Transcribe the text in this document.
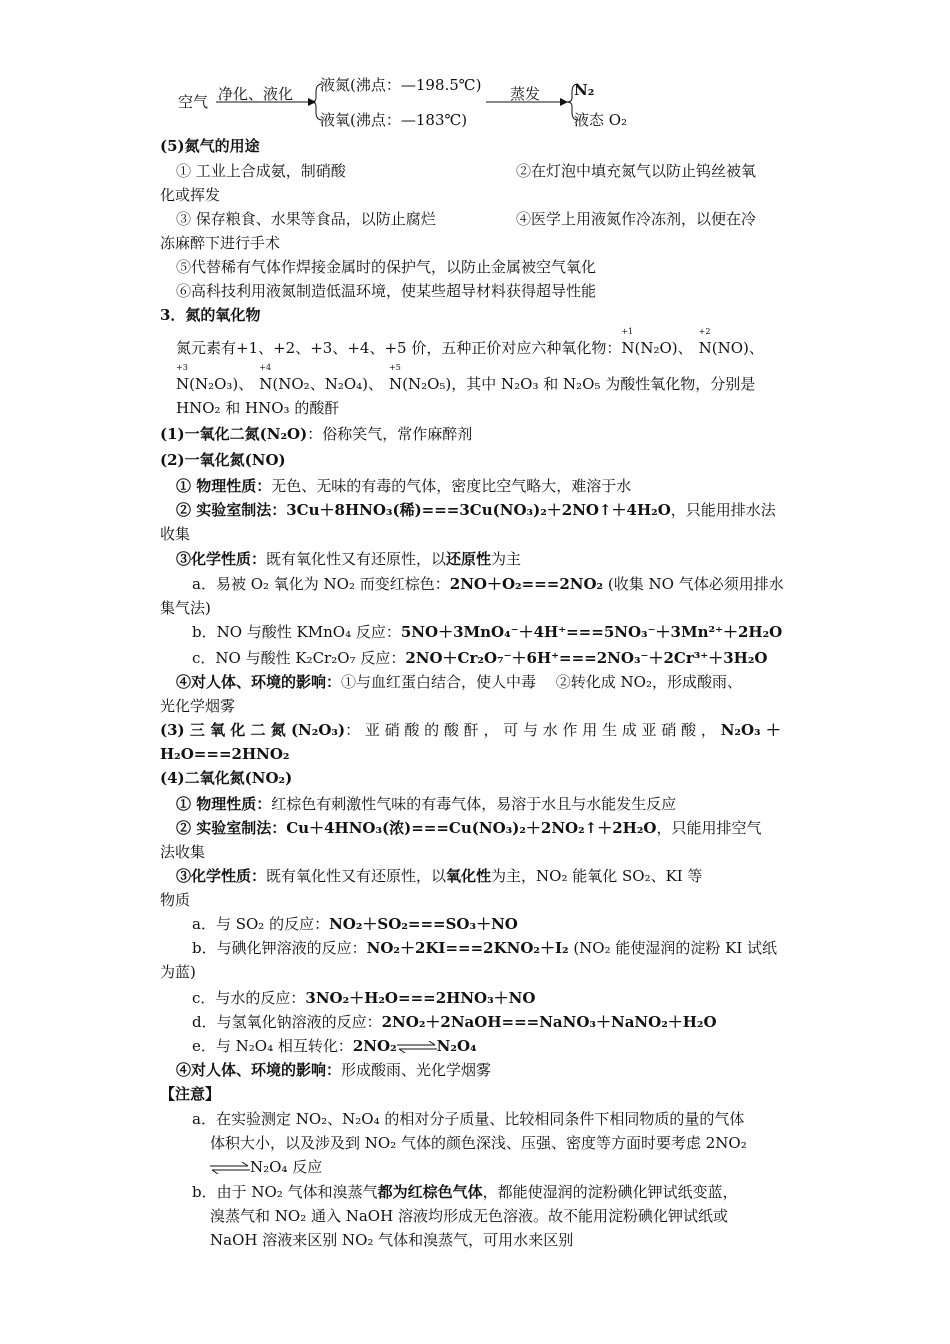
空气 净化、液化 液氮(沸点：—198.5℃)
液氧(沸点：—183℃)
蒸发 N₂
液态 O₂
(5)氮气的用途
① 工业上合成氨，制硝酸	②在灯泡中填充氮气以防止钨丝被氧
化或挥发
③ 保存粮食、水果等食品，以防止腐烂	④医学上用液氮作冷冻剂，以便在冷
冻麻醉下进行手术
⑤代替稀有气体作焊接金属时的保护气，以防止金属被空气氧化
⑥高科技利用液氮制造低温环境，使某些超导材料获得超导性能
3．氮的氧化物
氮元素有+1、+2、+3、+4、+5 价，五种正价对应六种氧化物：
+1
N(N₂O)、
+2
N(NO)、
+3
N(N₂O₃)、
+4
N(NO₂、N₂O₄)、
+5
N(N₂O₅)，其中 N₂O₃ 和 N₂O₅ 为酸性氧化物，分别是
HNO₂ 和 HNO₃ 的酸酐
(1)一氧化二氮(N₂O)：俗称笑气，常作麻醉剂
(2)一氧化氮(NO)
① 物理性质：无色、无味的有毒的气体，密度比空气略大，难溶于水
② 实验室制法：3Cu＋8HNO₃(稀)===3Cu(NO₃)₂＋2NO↑＋4H₂O，只能用排水法
收集
③化学性质：既有氧化性又有还原性，以还原性为主
a．易被 O₂ 氧化为 NO₂ 而变红棕色：2NO＋O₂===2NO₂ (收集 NO 气体必须用排水
集气法)
b．NO 与酸性 KMnO₄ 反应：5NO＋3MnO₄⁻＋4H⁺===5NO₃⁻＋3Mn²⁺＋2H₂O
c．NO 与酸性 K₂Cr₂O₇ 反应：2NO＋Cr₂O₇⁻＋6H⁺===2NO₃⁻＋2Cr³⁺＋3H₂O
④对人体、环境的影响：①与血红蛋白结合，使人中毒　 ②转化成 NO₂，形成酸雨、
光化学烟雾
(3) 三 氧 化 二 氮 (N₂O₃)： 亚 硝 酸 的 酸 酐 ， 可 与 水 作 用 生 成 亚 硝 酸 ， N₂O₃ ＋
H₂O===2HNO₂
(4)二氧化氮(NO₂)
① 物理性质：红棕色有刺激性气味的有毒气体，易溶于水且与水能发生反应
② 实验室制法：Cu＋4HNO₃(浓)===Cu(NO₃)₂＋2NO₂↑＋2H₂O，只能用排空气
法收集
③化学性质：既有氧化性又有还原性，以氧化性为主，NO₂ 能氧化 SO₂、KI 等
物质
a．与 SO₂ 的反应：NO₂＋SO₂===SO₃＋NO
b．与碘化钾溶液的反应：NO₂＋2KI===2KNO₂＋I₂ (NO₂ 能使湿润的淀粉 KI 试纸
为蓝)
c．与水的反应：3NO₂＋H₂O===2HNO₃＋NO
d．与氢氧化钠溶液的反应：2NO₂＋2NaOH===NaNO₃＋NaNO₂＋H₂O
e．与 N₂O₄ 相互转化：2NO₂⇌N₂O₄
④对人体、环境的影响：形成酸雨、光化学烟雾
【注意】
a．在实验测定 NO₂、N₂O₄ 的相对分子质量、比较相同条件下相同物质的量的气体
体积大小，以及涉及到 NO₂ 气体的颜色深浅、压强、密度等方面时要考虑 2NO₂
⇌N₂O₄ 反应
b．由于 NO₂ 气体和溴蒸气都为红棕色气体，都能使湿润的淀粉碘化钾试纸变蓝，
溴蒸气和 NO₂ 通入 NaOH 溶液均形成无色溶液。故不能用淀粉碘化钾试纸或
NaOH 溶液来区别 NO₂ 气体和溴蒸气，可用水来区别
